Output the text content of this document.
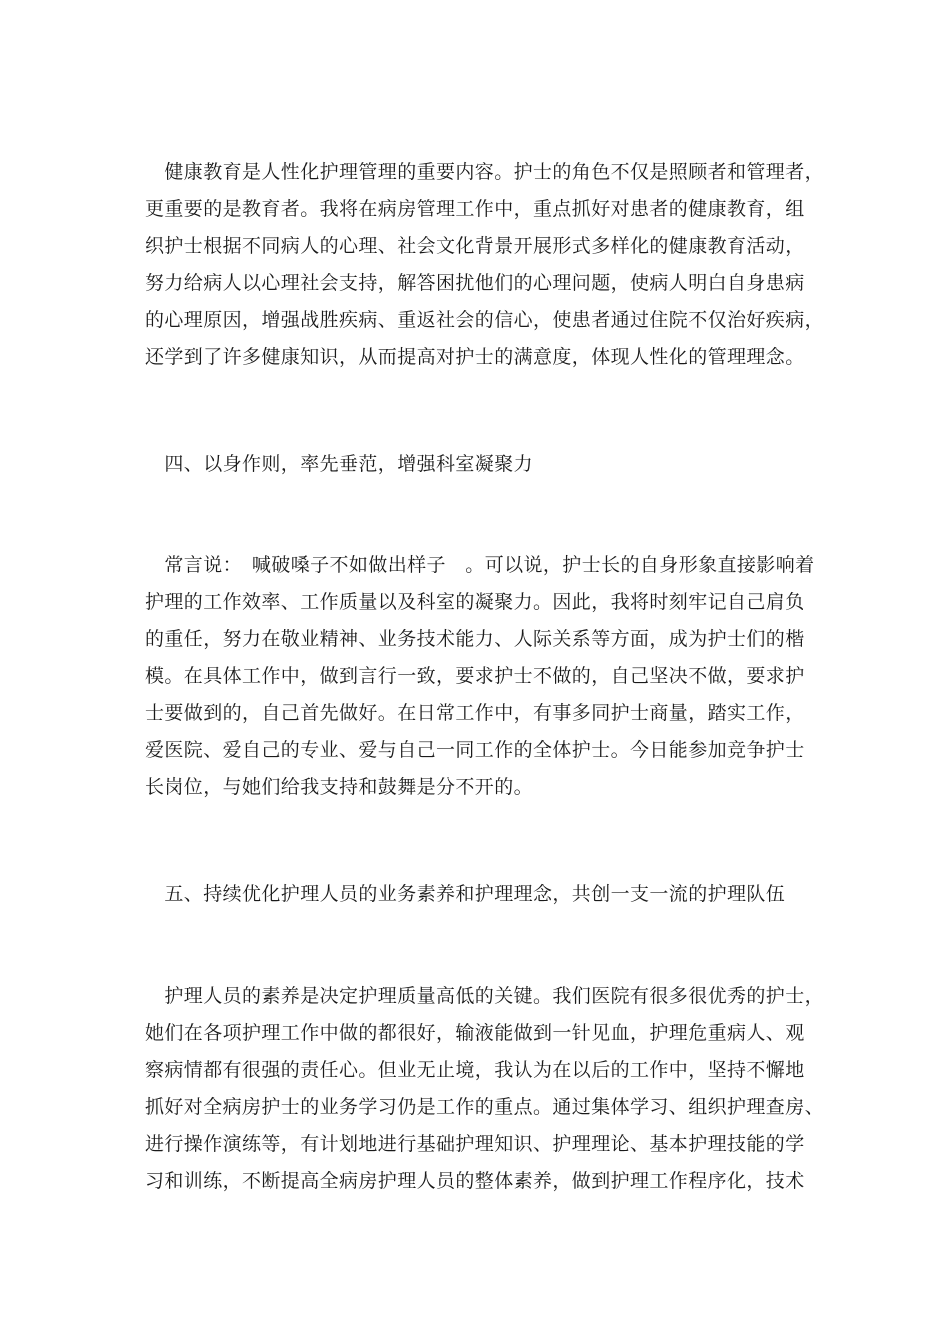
　健康教育是人性化护理管理的重要内容。护士的角色不仅是照顾者和管理者，
更重要的是教育者。我将在病房管理工作中，重点抓好对患者的健康教育，组
织护士根据不同病人的心理、社会文化背景开展形式多样化的健康教育活动，
努力给病人以心理社会支持，解答困扰他们的心理问题，使病人明白自身患病
的心理原因，增强战胜疾病、重返社会的信心，使患者通过住院不仅治好疾病，
还学到了许多健康知识，从而提高对护士的满意度，体现人性化的管理理念。
　四、以身作则，率先垂范，增强科室凝聚力
　常言说：　喊破嗓子不如做出样子　。可以说，护士长的自身形象直接影响着
护理的工作效率、工作质量以及科室的凝聚力。因此，我将时刻牢记自己肩负
的重任，努力在敬业精神、业务技术能力、人际关系等方面，成为护士们的楷
模。在具体工作中，做到言行一致，要求护士不做的，自己坚决不做，要求护
士要做到的，自己首先做好。在日常工作中，有事多同护士商量，踏实工作，
爱医院、爱自己的专业、爱与自己一同工作的全体护士。今日能参加竞争护士
长岗位，与她们给我支持和鼓舞是分不开的。
　五、持续优化护理人员的业务素养和护理理念，共创一支一流的护理队伍
　护理人员的素养是决定护理质量高低的关键。我们医院有很多很优秀的护士，
她们在各项护理工作中做的都很好，输液能做到一针见血，护理危重病人、观
察病情都有很强的责任心。但业无止境，我认为在以后的工作中，坚持不懈地
抓好对全病房护士的业务学习仍是工作的重点。通过集体学习、组织护理查房、
进行操作演练等，有计划地进行基础护理知识、护理理论、基本护理技能的学
习和训练，不断提高全病房护理人员的整体素养，做到护理工作程序化，技术
